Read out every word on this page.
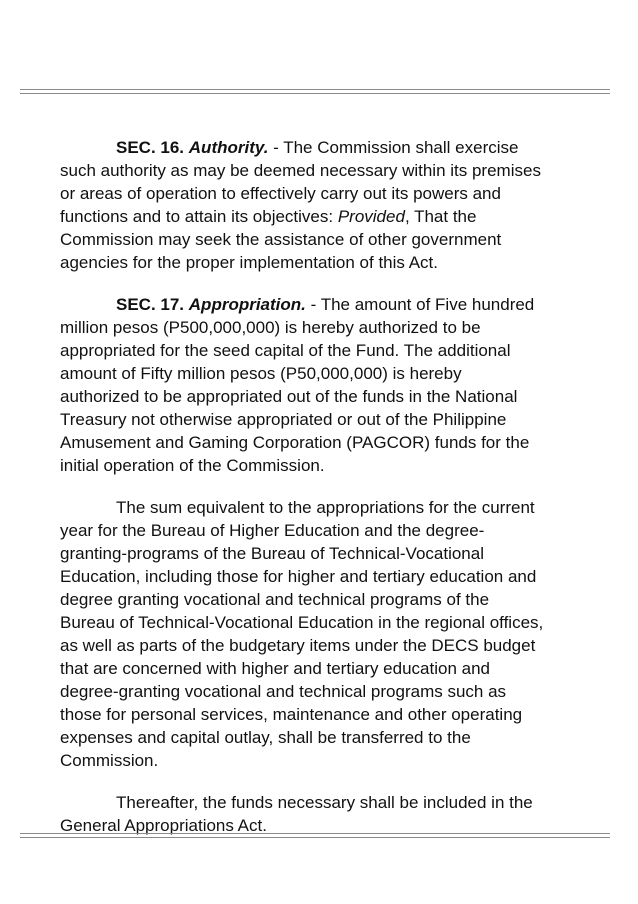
SEC. 16. Authority. - The Commission shall exercise
such authority as may be deemed necessary within its premises
or areas of operation to effectively carry out its powers and
functions and to attain its objectives: Provided, That the
Commission may seek the assistance of other government
agencies for the proper implementation of this Act.

SEC. 17. Appropriation. - The amount of Five hundred
million pesos (P500,000,000) is hereby authorized to be
appropriated for the seed capital of the Fund. The additional
amount of Fifty million pesos (P50,000,000) is hereby
authorized to be appropriated out of the funds in the National
Treasury not otherwise appropriated or out of the Philippine
Amusement and Gaming Corporation (PAGCOR) funds for the
initial operation of the Commission.

The sum equivalent to the appropriations for the current
year for the Bureau of Higher Education and the degree-
granting-programs of the Bureau of Technical-Vocational
Education, including those for higher and tertiary education and
degree granting vocational and technical programs of the
Bureau of Technical-Vocational Education in the regional offices,
as well as parts of the budgetary items under the DECS budget
that are concerned with higher and tertiary education and
degree-granting vocational and technical programs such as
those for personal services, maintenance and other operating
expenses and capital outlay, shall be transferred to the
Commission.

Thereafter, the funds necessary shall be included in the
General Appropriations Act.
